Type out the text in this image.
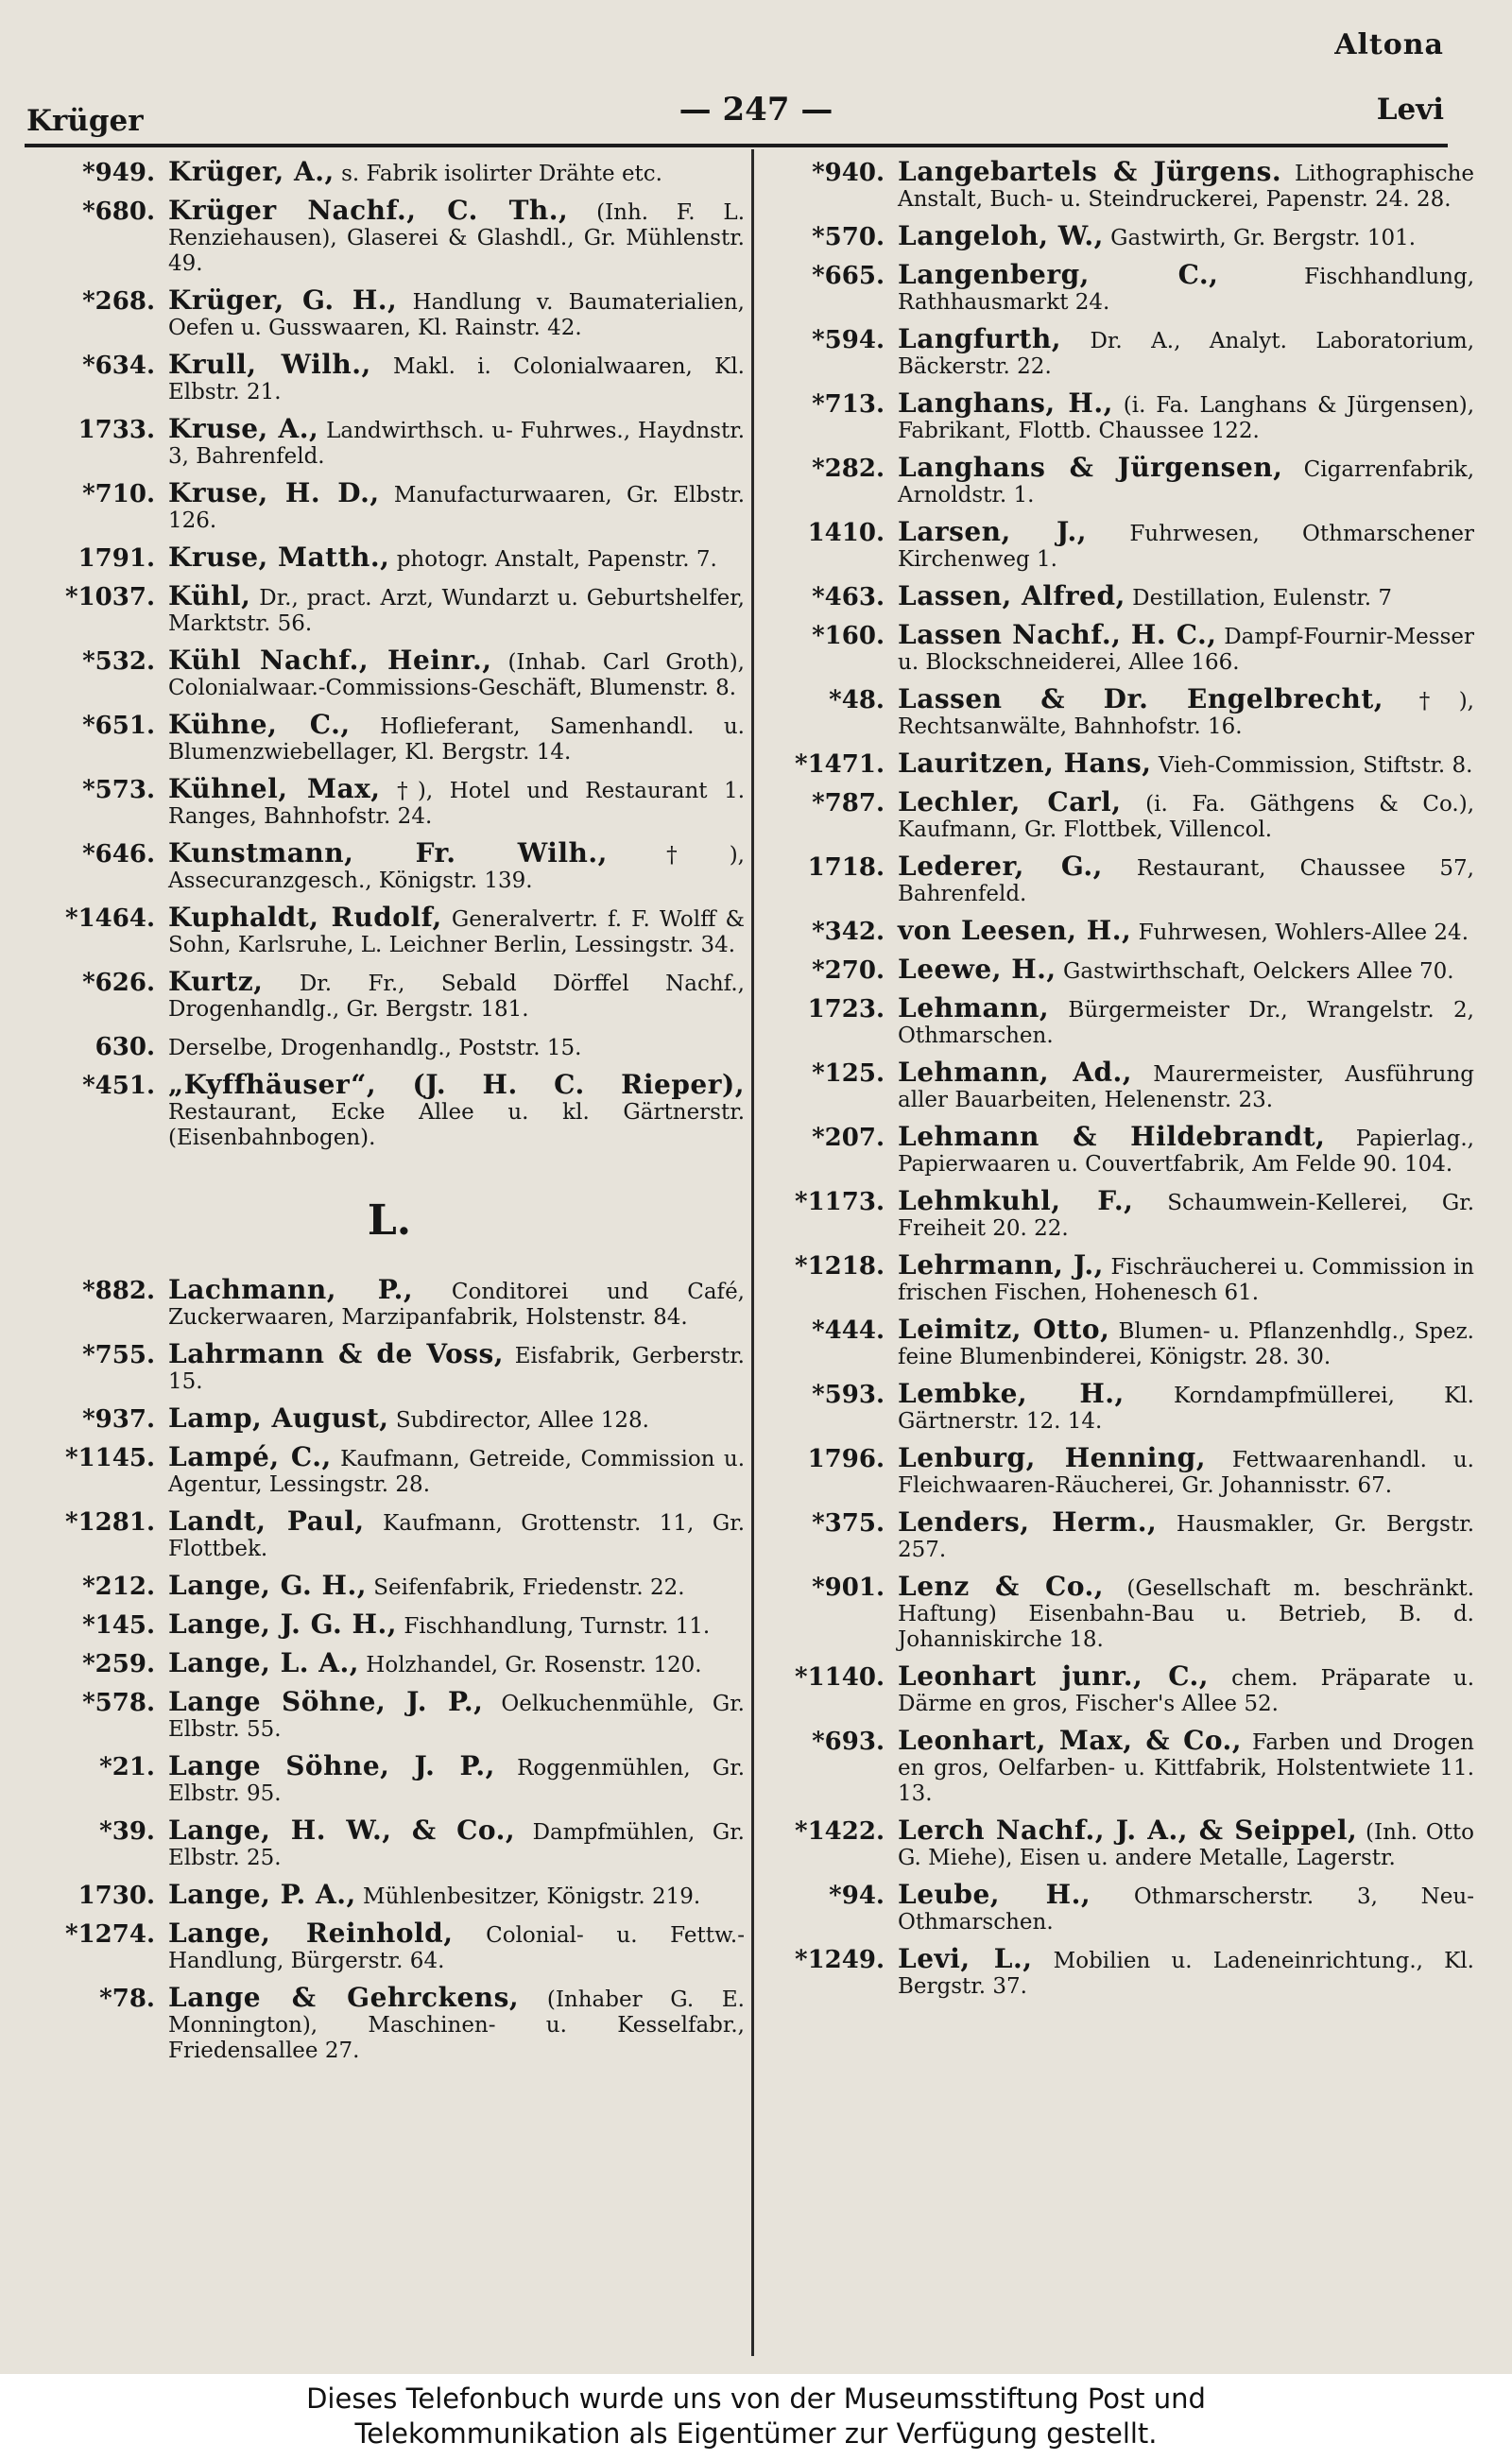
Altona
Krüger	— 247 —	Levi
*949. Krüger, A., s. Fabrik isolirter Drähte etc.
*680. Krüger Nachf., C. Th., (Inh. F. L. Renziehausen), Glaserei & Glashdl., Gr. Mühlenstr. 49.
*268. Krüger, G. H., Handlung v. Baumaterialien, Oefen u. Gusswaaren, Kl. Rainstr. 42.
*634. Krull, Wilh., Makl. i. Colonialwaaren, Kl. Elbstr. 21.
1733. Kruse, A., Landwirthsch. u- Fuhrwes., Haydnstr. 3, Bahrenfeld.
*710. Kruse, H. D., Manufacturwaaren, Gr. Elbstr. 126.
1791. Kruse, Matth., photogr. Anstalt, Papenstr. 7.
*1037. Kühl, Dr., pract. Arzt, Wundarzt u. Geburtshelfer, Marktstr. 56.
*532. Kühl Nachf., Heinr., (Inhab. Carl Groth), Colonialwaar.-Commissions-Geschäft, Blumenstr. 8.
*651. Kühne, C., Hoflieferant, Samenhandl. u. Blumenzwiebellager, Kl. Bergstr. 14.
*573. Kühnel, Max, †), Hotel und Restaurant 1. Ranges, Bahnhofstr. 24.
*646. Kunstmann, Fr. Wilh.,	†), Asseсuranzgesch., Königstr. 139.
*1464. Kuphaldt, Rudolf, Generalvertr. f. F. Wolff & Sohn, Karlsruhe, L. Leichner Berlin, Lessingstr. 34.
*626. Kurtz, Dr. Fr., Sebald Dörffel Nachf., Drogenhandlg., Gr. Bergstr. 181.
630. Derselbe, Drogenhandlg., Poststr. 15.
*451. „Kyffhäuser“, (J. H. C. Rieper), Restaurant, Ecke Allee u. kl. Gärtnerstr. (Eisenbahnbogen).
L.
*882. Lachmann, P., Conditorei und Café, Zuckerwaaren, Marzipanfabrik, Holstenstr. 84.
*755. Lahrmann & de Voss, Eisfabrik, Gerberstr. 15.
*937. Lamp, August, Subdirector, Allee 128.
*1145. Lampé, C., Kaufmann, Getreide, Commission u. Agentur, Lessingstr. 28.
*1281. Landt, Paul, Kaufmann, Grottenstr. 11, Gr. Flottbek.
*212. Lange, G. H., Seifenfabrik, Friedenstr. 22.
*145. Lange, J. G. H., Fischhandlung, Turnstr. 11.
*259. Lange, L. A., Holzhandel, Gr. Rosenstr. 120.
*578. Lange Söhne, J. P., Oelkuchenmühle, Gr. Elbstr. 55.
*21. Lange Söhne, J. P., Roggenmühlen, Gr. Elbstr. 95.
*39. Lange, H. W., & Co., Dampfmühlen, Gr. Elbstr. 25.
1730. Lange, P. A., Mühlenbesitzer, Königstr. 219.
*1274. Lange, Reinhold, Colonial- u. Fettw.-Handlung, Bürgerstr. 64.
*78. Lange & Gehrckens, (Inhaber G. E. Monnington), Maschinen- u. Kesselfabr., Friedensallee 27.
*940. Langebartels & Jürgens. Lithographische Anstalt, Buch- u. Steindruckerei, Papenstr. 24. 28.
*570. Langeloh, W., Gastwirth, Gr. Bergstr. 101.
*665. Langenberg, C.,	Fischhandlung, Rathhausmarkt 24.
*594. Langfurth, Dr. A., Analyt. Laboratorium, Bäckerstr. 22.
*713. Langhans, H., (i. Fa. Langhans & Jürgensen), Fabrikant, Flottb. Chaussee 122.
*282. Langhans & Jürgensen, Cigarrenfabrik, Arnoldstr. 1.
1410. Larsen, J., Fuhrwesen, Othmarschener Kirchenweg 1.
*463. Lassen, Alfred, Destillation, Eulenstr. 7
*160. Lassen Nachf., H. C., Dampf-Fournir-Messer u. Blockschneiderei, Allee 166.
*48. Lassen & Dr. Engelbrecht, †), Rechtsanwälte, Bahnhofstr. 16.
*1471. Lauritzen, Hans, Vieh-Commission, Stiftstr. 8.
*787. Lechler, Carl, (i. Fa. Gäthgens & Co.), Kaufmann, Gr. Flottbek, Villencol.
1718. Lederer, G., Restaurant, Chaussee 57, Bahrenfeld.
*342. von Leesen, H., Fuhrwesen, Wohlers-Allee 24.
*270. Leewe, H., Gastwirthschaft, Oelckers Allee 70.
1723. Lehmann, Bürgermeister Dr., Wrangelstr. 2, Othmarschen.
*125. Lehmann, Ad., Maurermeister, Ausführung aller Bauarbeiten, Helenenstr. 23.
*207. Lehmann & Hildebrandt, Papierlag., Papierwaaren u. Couvertfabrik, Am Felde 90. 104.
*1173. Lehmkuhl, F., Schaumwein-Kellerei, Gr. Freiheit 20. 22.
*1218. Lehrmann, J., Fischräucherei u. Commission in frischen Fischen, Hohenesch 61.
*444. Leimitz, Otto, Blumen- u. Pflanzenhdlg., Spez. feine Blumenbinderei, Königstr. 28. 30.
*593. Lembke, H., Korndampfmüllerei, Kl. Gärtnerstr. 12. 14.
1796. Lenburg, Henning, Fettwaarenhandl. u. Fleichwaaren-Räucherei, Gr. Johannisstr. 67.
*375. Lenders, Herm., Hausmakler, Gr. Bergstr. 257.
*901. Lenz & Co., (Gesellschaft m. beschränkt. Haftung) Eisenbahn-Bau u. Betrieb, B. d. Johanniskirche 18.
*1140. Leonhart junr., C., chem. Präparate u. Därme en gros, Fischer's Allee 52.
*693. Leonhart, Max, & Co., Farben und Drogen en gros, Oelfarben- u. Kittfabrik, Holstentwiete 11. 13.
*1422. Lerch Nachf., J. A., & Seippel, (Inh. Otto G. Miehe), Eisen u. andere Metalle, Lagerstr.
*94. Leube, H., Othmarscherstr. 3, Neu-Othmarschen.
*1249. Levi, L., Mobilien u. Ladeneinrichtung., Kl. Bergstr. 37.
Dieses Telefonbuch wurde uns von der Museumsstiftung Post und
Telekommunikation als Eigentümer zur Verfügung gestellt.
